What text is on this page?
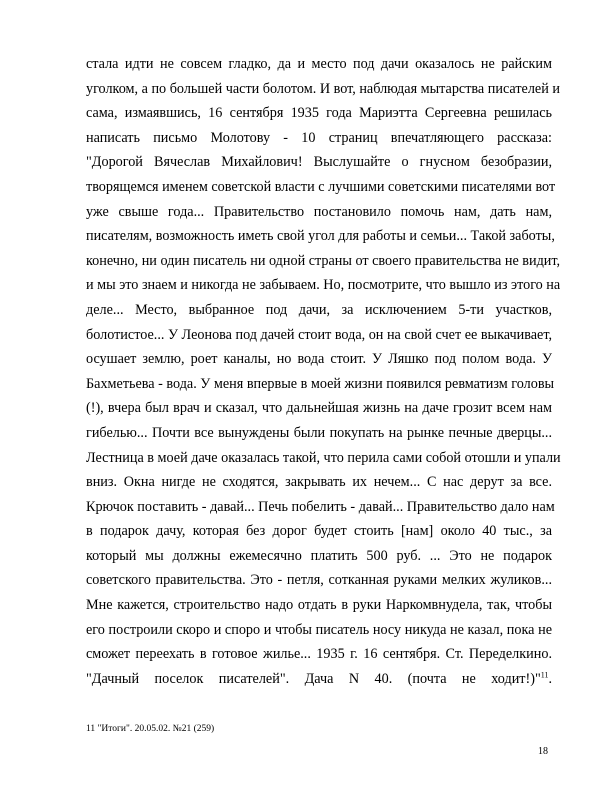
стала идти не совсем гладко, да и место под дачи оказалось не райским
уголком, а по большей части болотом. И вот, наблюдая мытарства писателей и
сама, измаявшись, 16 сентября 1935 года Мариэтта Сергеевна решилась
написать письмо Молотову - 10 страниц впечатляющего рассказа:
"Дорогой Вячеслав Михайлович! Выслушайте о гнусном безобразии,
творящемся именем советской власти с лучшими советскими писателями вот
уже свыше года... Правительство постановило помочь нам, дать нам,
писателям, возможность иметь свой угол для работы и семьи... Такой заботы,
конечно, ни один писатель ни одной страны от своего правительства не видит,
и мы это знаем и никогда не забываем. Но, посмотрите, что вышло из этого на
деле... Место, выбранное под дачи, за исключением 5-ти участков,
болотистое... У Леонова под дачей стоит вода, он на свой счет ее выкачивает,
осушает землю, роет каналы, но вода стоит. У Ляшко под полом вода. У
Бахметьева - вода. У меня впервые в моей жизни появился ревматизм головы
(!), вчера был врач и сказал, что дальнейшая жизнь на даче грозит всем нам
гибелью... Почти все вынуждены были покупать на рынке печные дверцы...
Лестница в моей даче оказалась такой, что перила сами собой отошли и упали
вниз. Окна нигде не сходятся, закрывать их нечем... С нас дерут за все.
Крючок поставить - давай... Печь побелить - давай... Правительство дало нам
в подарок дачу, которая без дорог будет стоить [нам] около 40 тыс., за
который мы должны ежемесячно платить 500 руб. ... Это не подарок
советского правительства. Это - петля, сотканная руками мелких жуликов...
Мне кажется, строительство надо отдать в руки Наркомвнудела, так, чтобы
его построили скоро и споро и чтобы писатель носу никуда не казал, пока не
сможет переехать в готовое жилье... 1935 г. 16 сентября. Ст. Переделкино.
"Дачный поселок писателей". Дача N 40. (почта не ходит!)"$^{11}$.
11 "Итоги". 20.05.02. №21 (259)
18
